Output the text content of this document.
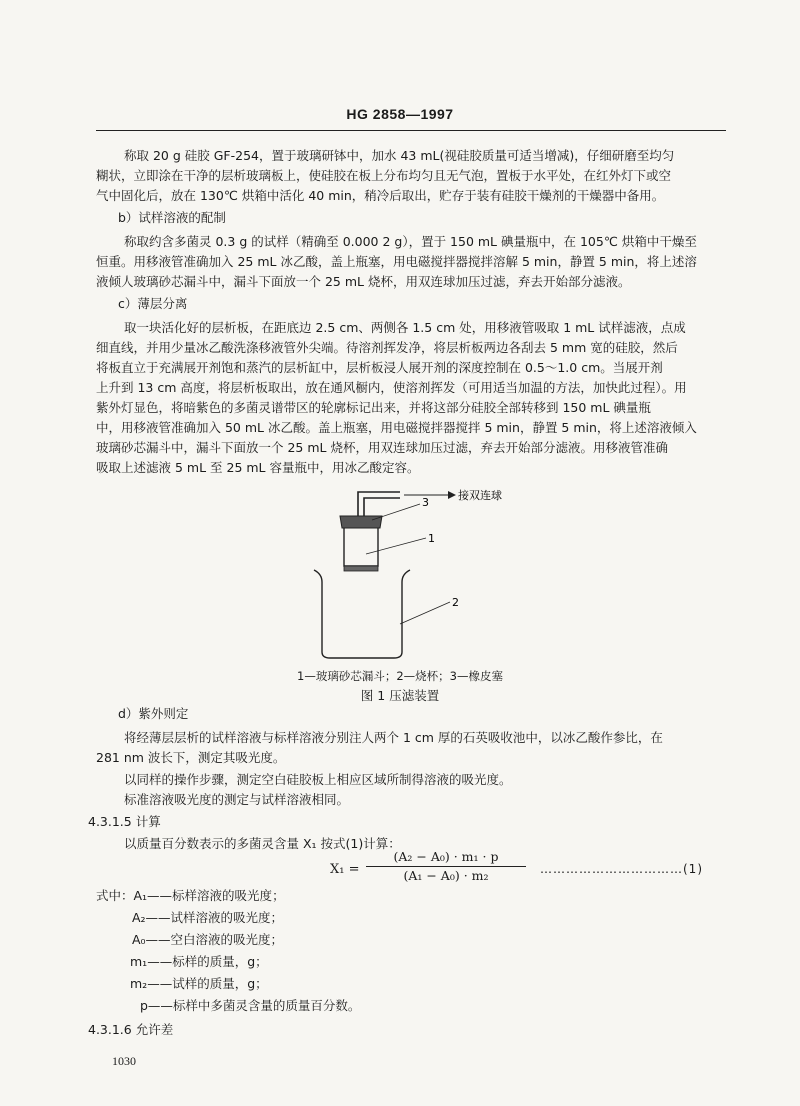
HG 2858—1997
称取 20 g 硅胶 GF-254，置于玻璃研钵中，加水 43 mL(视硅胶质量可适当增减)，仔细研磨至均匀
糊状，立即涂在干净的层析玻璃板上，使硅胶在板上分布均匀且无气泡，置板于水平处，在红外灯下或空
气中固化后，放在 130℃ 烘箱中活化 40 min，稍冷后取出，贮存于装有硅胶干燥剂的干燥器中备用。
b）试样溶液的配制
称取约含多菌灵 0.3 g 的试样（精确至 0.000 2 g），置于 150 mL 碘量瓶中，在 105℃ 烘箱中干燥至
恒重。用移液管准确加入 25 mL 冰乙酸，盖上瓶塞，用电磁搅拌器搅拌溶解 5 min，静置 5 min，将上述溶
液倾人玻璃砂芯漏斗中，漏斗下面放一个 25 mL 烧杯，用双连球加压过滤，弃去开始部分滤液。
c）薄层分离
取一块活化好的层析板，在距底边 2.5 cm、两侧各 1.5 cm 处，用移液管吸取 1 mL 试样滤液，点成
细直线，并用少量冰乙酸洗涤移液管外尖端。待溶剂挥发净，将层析板两边各刮去 5 mm 宽的硅胶，然后
将板直立于充满展开剂饱和蒸汽的层析缸中，层析板浸人展开剂的深度控制在 0.5～1.0 cm。当展开剂
上升到 13 cm 高度，将层析板取出，放在通风橱内，使溶剂挥发（可用适当加温的方法，加快此过程）。用
紫外灯显色，将暗紫色的多菌灵谱带区的轮廓标记出来，并将这部分硅胶全部转移到 150 mL 碘量瓶
中，用移液管准确加入 50 mL 冰乙酸。盖上瓶塞，用电磁搅拌器搅拌 5 min，静置 5 min，将上述溶液倾入
玻璃砂芯漏斗中，漏斗下面放一个 25 mL 烧杯，用双连球加压过滤，弃去开始部分滤液。用移液管准确
吸取上述滤液 5 mL 至 25 mL 容量瓶中，用冰乙酸定容。
接双连球
3
1
2
1—玻璃砂芯漏斗；2—烧杯；3—橡皮塞
图 1 压滤装置
d）紫外则定
将经薄层层析的试样溶液与标样溶液分别注人两个 1 cm 厚的石英吸收池中，以冰乙酸作参比，在
281 nm 波长下，测定其吸光度。
以同样的操作步骤，测定空白硅胶板上相应区域所制得溶液的吸光度。
标准溶液吸光度的测定与试样溶液相同。
4.3.1.5 计算
以质量百分数表示的多菌灵含量 X₁ 按式(1)计算：
X₁ =
(A₂ − A₀) · m₁ · p
(A₁ − A₀) · m₂	……………………………(1)
式中：A₁——标样溶液的吸光度；
A₂——试样溶液的吸光度；
A₀——空白溶液的吸光度；
m₁——标样的质量，g；
m₂——试样的质量，g；
p——标样中多菌灵含量的质量百分数。
4.3.1.6 允许差
1030
